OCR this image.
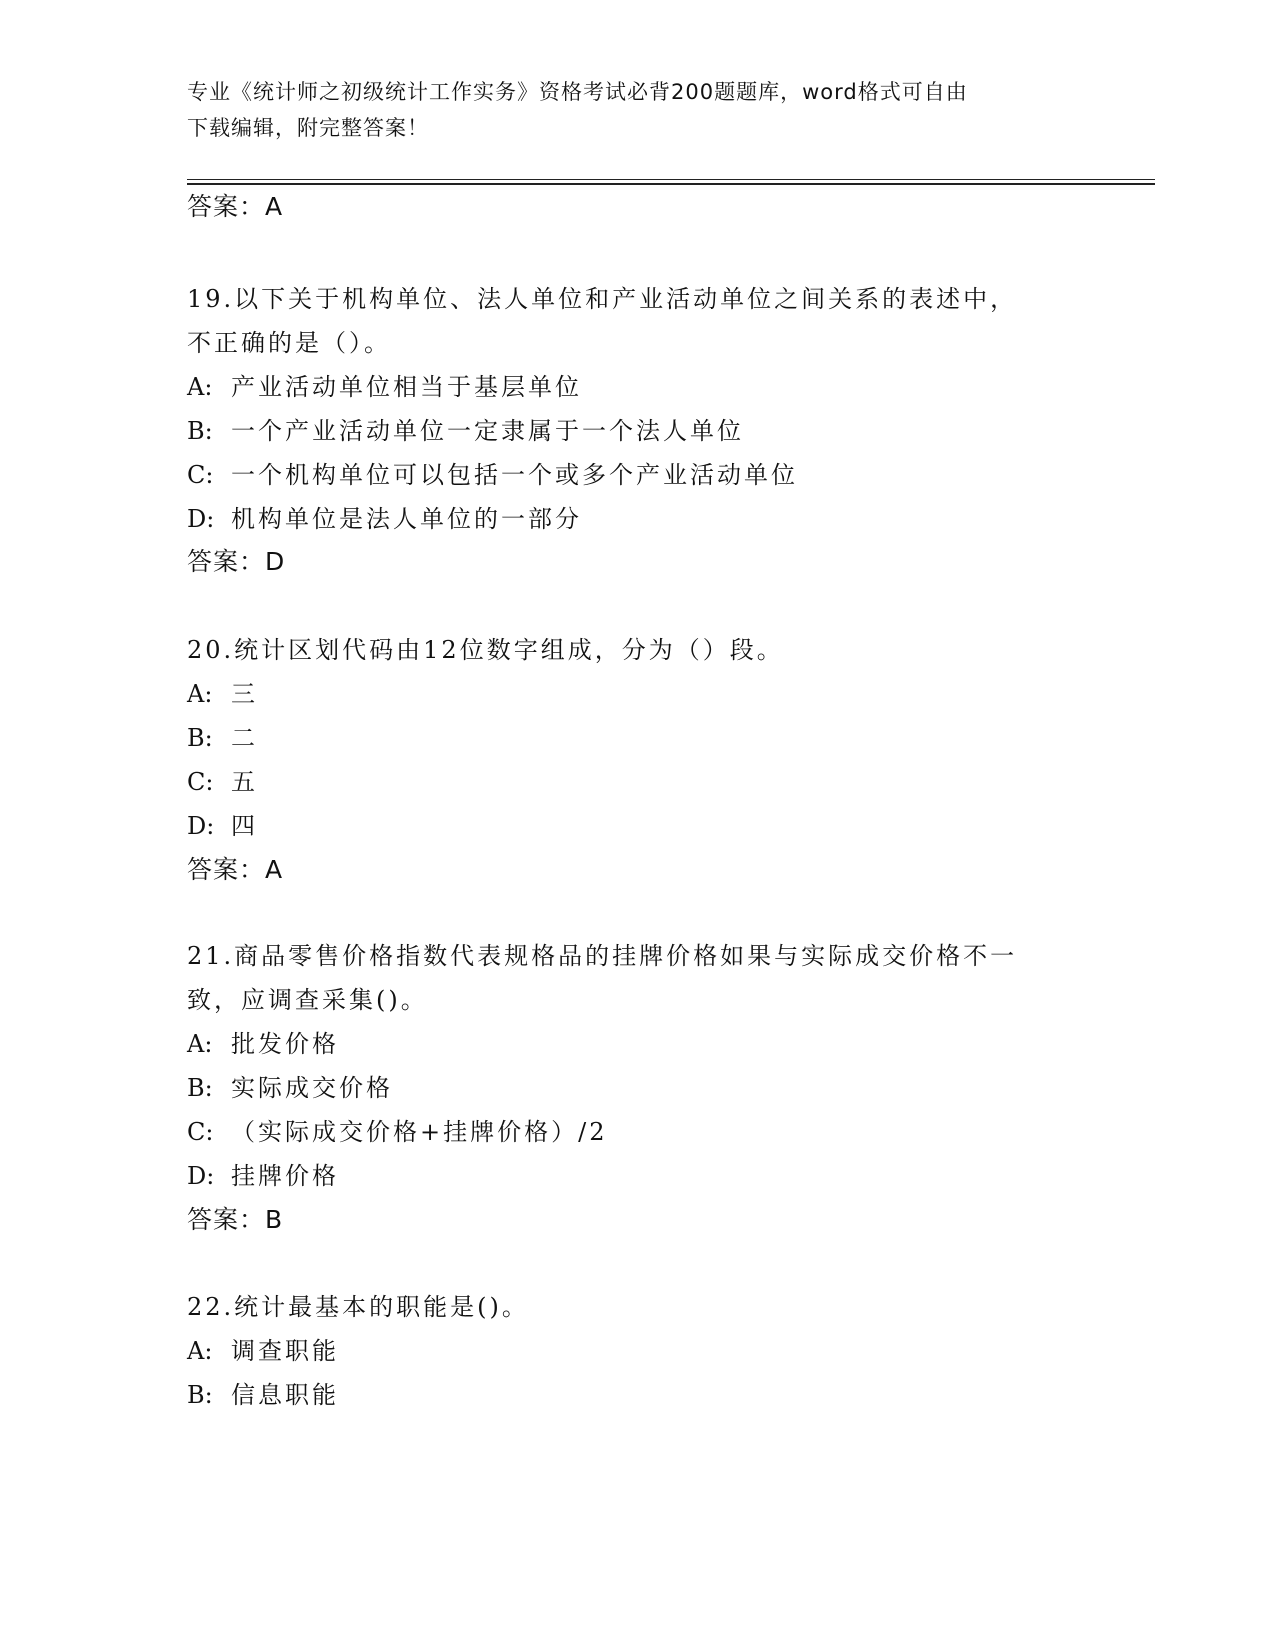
专业《统计师之初级统计工作实务》资格考试必背200题题库，word格式可自由
下载编辑，附完整答案！
答案：A
19.以下关于机构单位、法人单位和产业活动单位之间关系的表述中，
不正确的是（）。
A: 产业活动单位相当于基层单位
B: 一个产业活动单位一定隶属于一个法人单位
C: 一个机构单位可以包括一个或多个产业活动单位
D: 机构单位是法人单位的一部分
答案：D
20.统计区划代码由12位数字组成，分为（）段。
A: 三
B: 二
C: 五
D: 四
答案：A
21.商品零售价格指数代表规格品的挂牌价格如果与实际成交价格不一
致，应调查采集()。
A: 批发价格
B: 实际成交价格
C: （实际成交价格+挂牌价格）/2
D: 挂牌价格
答案：B
22.统计最基本的职能是()。
A: 调查职能
B: 信息职能
